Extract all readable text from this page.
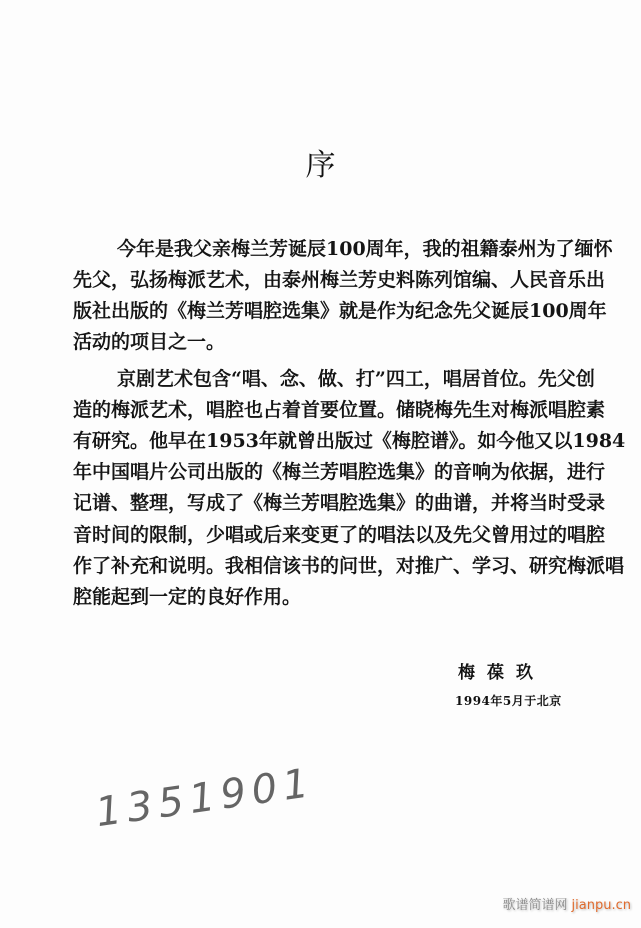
序
今年是我父亲梅兰芳诞辰100周年，我的祖籍泰州为了缅怀
先父，弘扬梅派艺术，由泰州梅兰芳史料陈列馆编、人民音乐出
版社出版的《梅兰芳唱腔选集》就是作为纪念先父诞辰100周年
活动的项目之一。
京剧艺术包含“唱、念、做、打”四工，唱居首位。先父创
造的梅派艺术，唱腔也占着首要位置。储晓梅先生对梅派唱腔素
有研究。他早在1953年就曾出版过《梅腔谱》。如今他又以1984
年中国唱片公司出版的《梅兰芳唱腔选集》的音响为依据，进行
记谱、整理，写成了《梅兰芳唱腔选集》的曲谱，并将当时受录
音时间的限制，少唱或后来变更了的唱法以及先父曾用过的唱腔
作了补充和说明。我相信该书的问世，对推广、学习、研究梅派唱
腔能起到一定的良好作用。
梅葆玖
1994年5月于北京
1351901
歌谱简谱网 jianpu.cn
